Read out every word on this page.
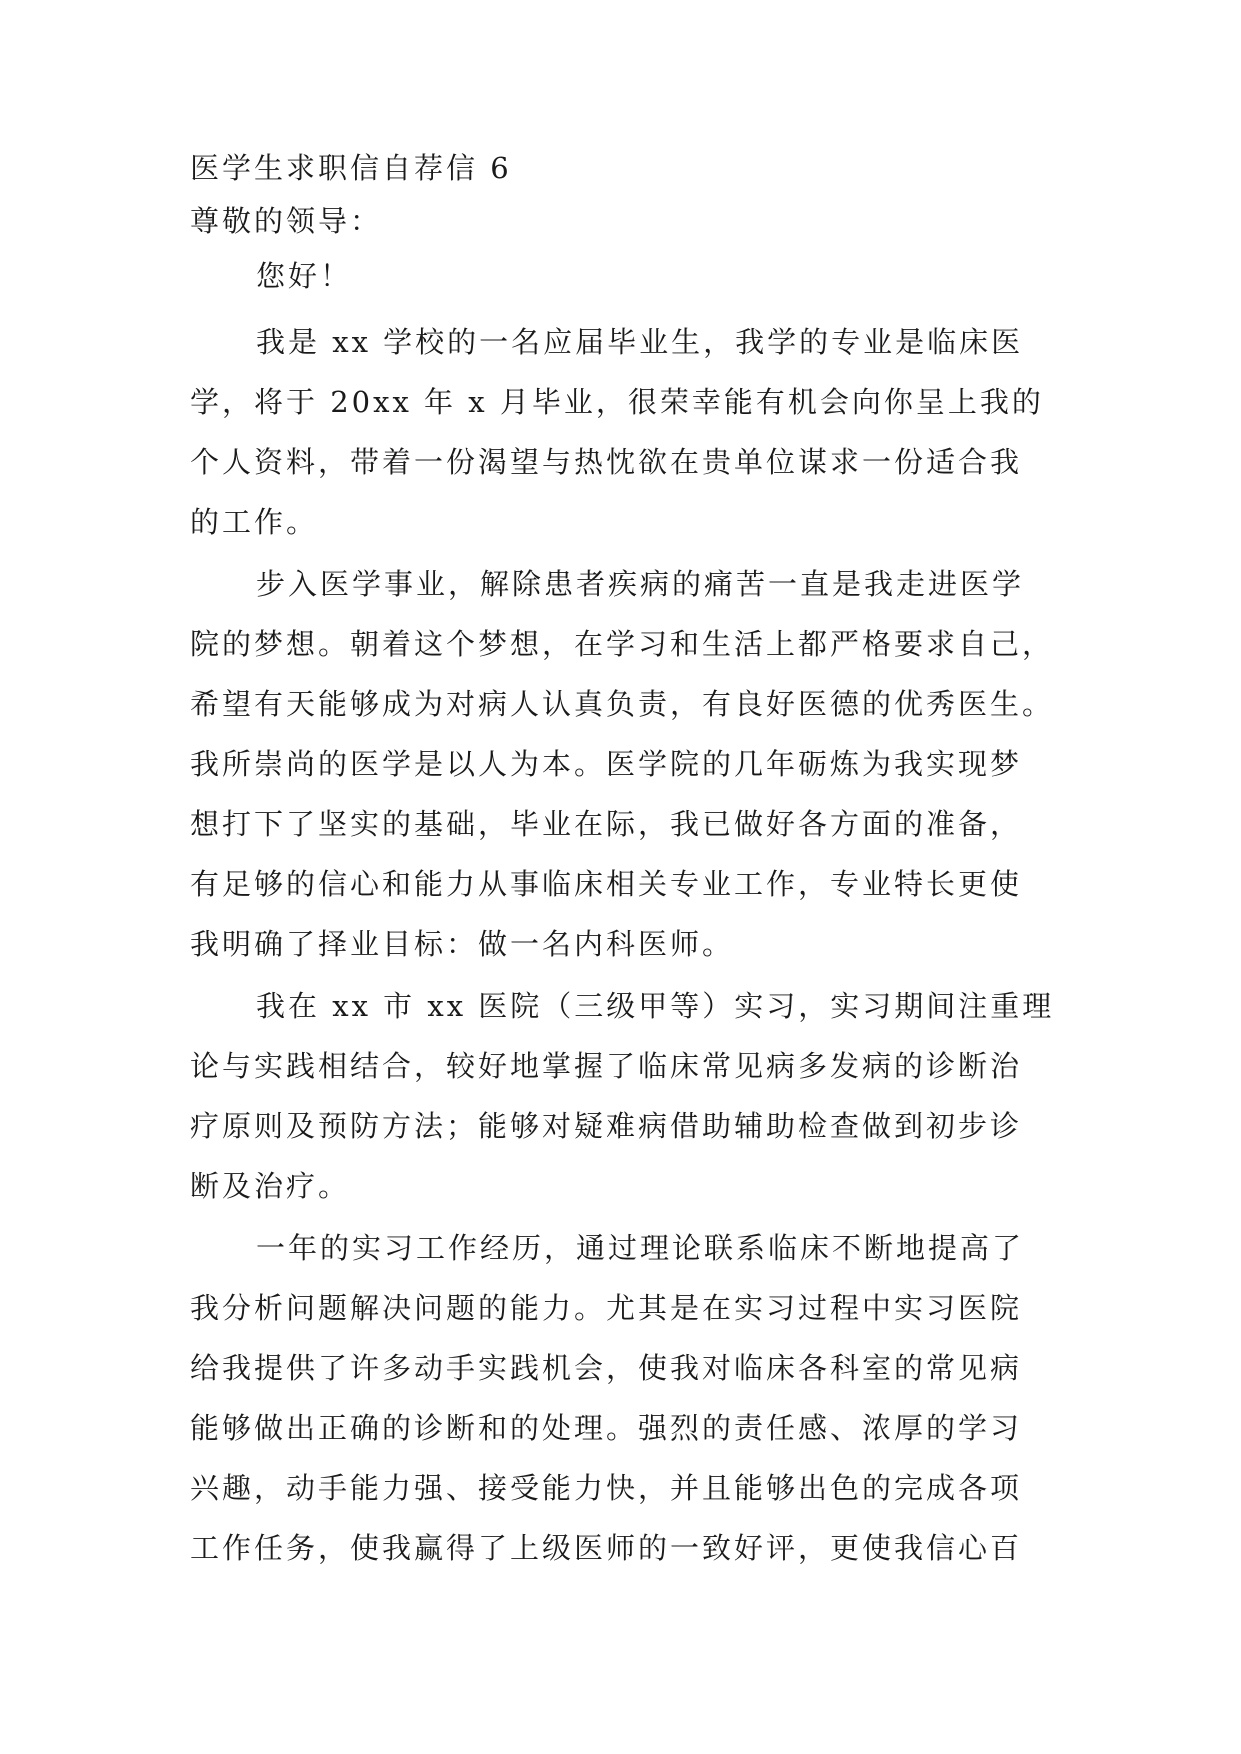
医学生求职信自荐信 6
尊敬的领导：
您好！
我是 xx 学校的一名应届毕业生，我学的专业是临床医
学，将于 20xx 年 x 月毕业，很荣幸能有机会向你呈上我的
个人资料，带着一份渴望与热忱欲在贵单位谋求一份适合我
的工作。
步入医学事业，解除患者疾病的痛苦一直是我走进医学
院的梦想。朝着这个梦想，在学习和生活上都严格要求自己，
希望有天能够成为对病人认真负责，有良好医德的优秀医生。
我所崇尚的医学是以人为本。医学院的几年砺炼为我实现梦
想打下了坚实的基础，毕业在际，我已做好各方面的准备，
有足够的信心和能力从事临床相关专业工作，专业特长更使
我明确了择业目标：做一名内科医师。
我在 xx 市 xx 医院（三级甲等）实习，实习期间注重理
论与实践相结合，较好地掌握了临床常见病多发病的诊断治
疗原则及预防方法；能够对疑难病借助辅助检查做到初步诊
断及治疗。
一年的实习工作经历，通过理论联系临床不断地提高了
我分析问题解决问题的能力。尤其是在实习过程中实习医院
给我提供了许多动手实践机会，使我对临床各科室的常见病
能够做出正确的诊断和的处理。强烈的责任感、浓厚的学习
兴趣，动手能力强、接受能力快，并且能够出色的完成各项
工作任务，使我赢得了上级医师的一致好评，更使我信心百
